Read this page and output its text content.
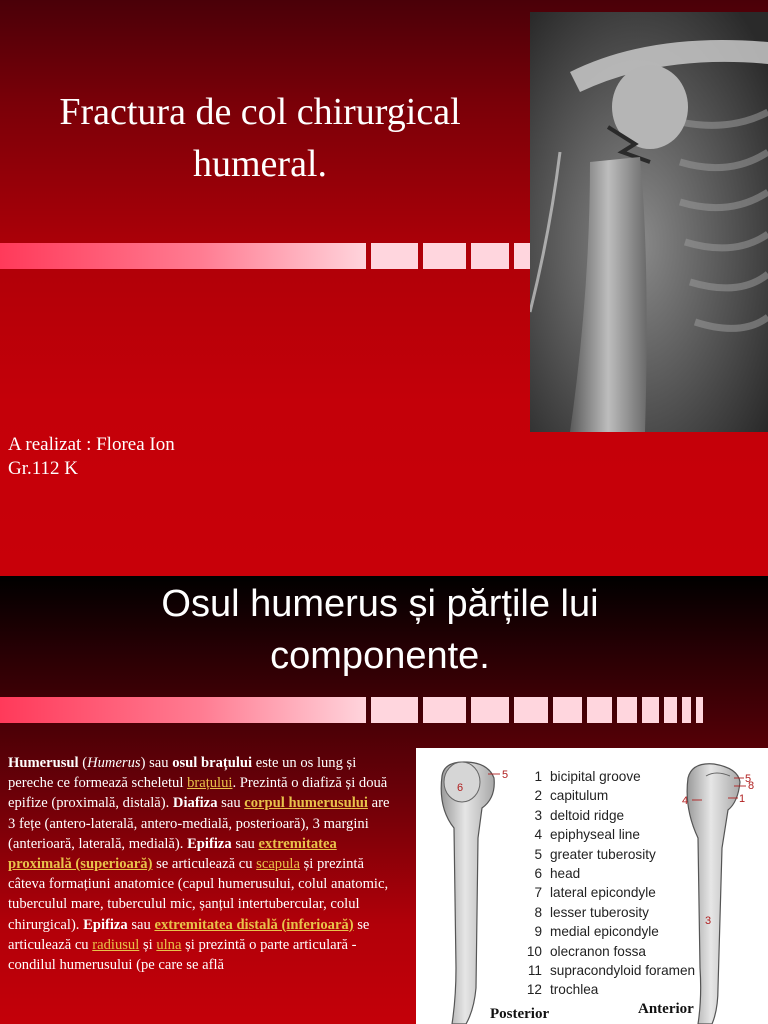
Fractura de col chirurgical
humeral.
A realizat : Florea Ion
Gr.112 K
Osul humerus și părțile lui
componente.
Humerusul (Humerus) sau osul brațului este un os lung și pereche ce formează scheletul brațului. Prezintă o diafiză și două epifize (proximală, distală). Diafiza sau corpul humerusului are 3 fețe (antero-laterală, antero-medială, posterioară), 3 margini (anterioară, laterală, medială). Epifiza sau extremitatea proximală (superioară) se articulează cu scapula și prezintă câteva formațiuni anatomice (capul humerusului, colul anatomic, tuberculul mare, tuberculul mic, șanțul intertubercular, colul chirurgical). Epifiza sau extremitatea distală (inferioară) se articulează cu radiusul și ulna și prezintă o parte articulară - condilul humerusului (pe care se află
6
5	5
8
4	1
3
1 bicipital groove
2 capitulum
3 deltoid ridge
4 epiphyseal line
5 greater tuberosity
6 head
7 lateral epicondyle
8 lesser tuberosity
9 medial epicondyle
10 olecranon fossa
11 supracondyloid foramen
12 trochlea
Posterior	Anterior
